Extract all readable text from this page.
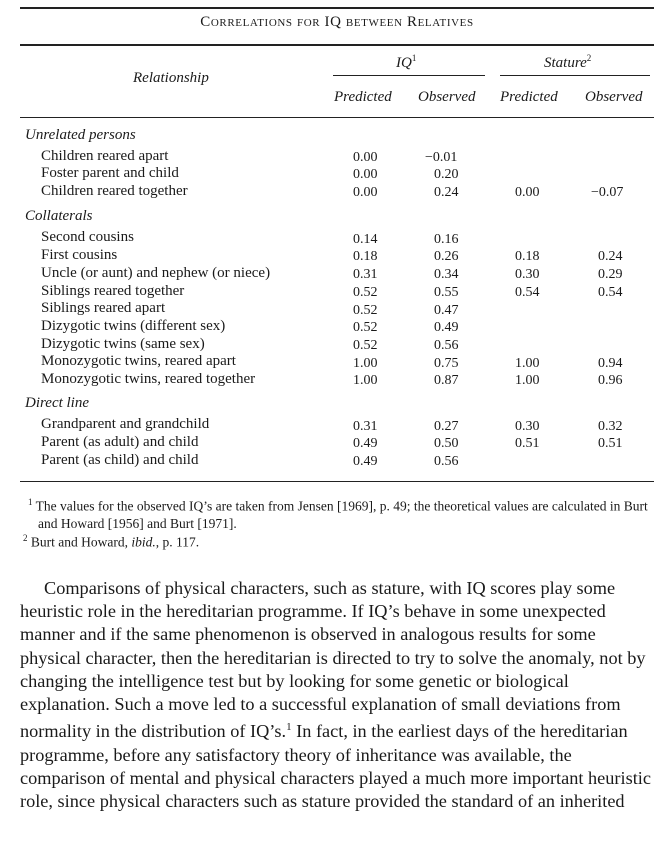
Correlations for IQ between Relatives
Relationship
$IQ^1$	Stature$^2$
Predicted Observed Predicted Observed
Unrelated persons
Children reared apart	0.00	−0.01
Foster parent and child	0.00	0.20
Children reared together	0.00	0.24	0.00	−0.07
Collaterals
Second cousins	0.14	0.16
First cousins	0.18	0.26	0.18	0.24
Uncle (or aunt) and nephew (or niece)	0.31	0.34	0.30	0.29
Siblings reared together	0.52	0.55	0.54	0.54
Siblings reared apart	0.52	0.47
Dizygotic twins (different sex)	0.52	0.49
Dizygotic twins (same sex)	0.52	0.56
Monozygotic twins, reared apart	1.00	0.75	1.00	0.94
Monozygotic twins, reared together	1.00	0.87	1.00	0.96
Direct line
Grandparent and grandchild	0.31	0.27	0.30	0.32
Parent (as adult) and child	0.49	0.50	0.51	0.51
Parent (as child) and child	0.49	0.56
$^1$ The values for the observed IQ’s are taken from Jensen [1969], p. 49; the theoretical values are calculated in Burt and Howard [1956] and Burt [1971].
$^2$ Burt and Howard, ibid., p. 117.
Comparisons of physical characters, such as stature, with IQ scores play some heuristic role in the hereditarian programme. If IQ’s behave in some unexpected manner and if the same phenomenon is observed in analogous results for some physical character, then the hereditarian is directed to try to solve the anomaly, not by changing the intelligence test but by looking for some genetic or biological explanation. Such a move led to a successful explanation of small deviations from normality in the distribution of IQ’s.$^1$ In fact, in the earliest days of the hereditarian programme, before any satisfactory theory of inheritance was available, the comparison of mental and physical characters played a much more important heuristic role, since physical characters such as stature provided the standard of an inherited
